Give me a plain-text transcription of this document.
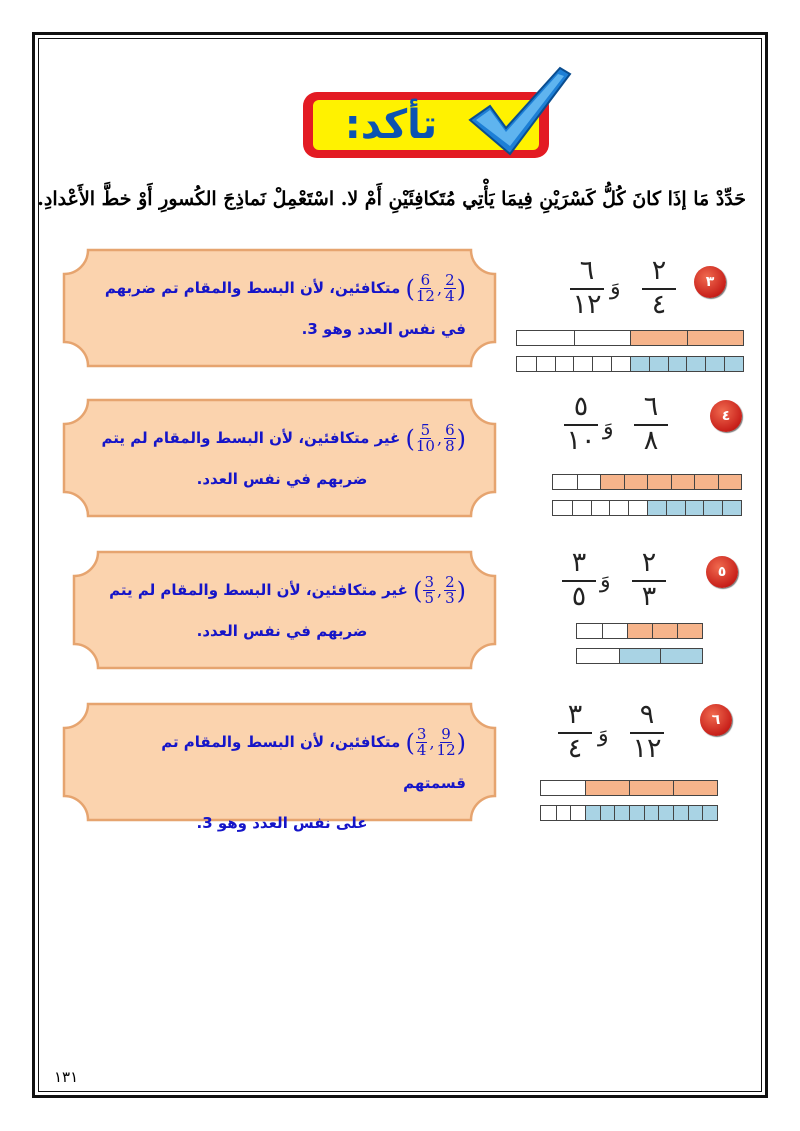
تأكد:
حَدِّدْ مَا إذَا كانَ كُلُّ كَسْرَيْنِ فِيمَا يَأْتِي مُتَكافِئَيْنِ أَمْ لا. اسْتَعْمِلْ نَماذِجَ الكُسورِ أَوْ خطَّ الأَعْدادِ.
( 6
12 , 2
4 )
متكافئين، لأن البسط والمقام تم ضربهم
في نفس العدد وهو 3.
( 5
10 , 6
8 )
غير متكافئين، لأن البسط والمقام لم يتم
ضربهم في نفس العدد.
( 3
5 , 2
3 )
غير متكافئين، لأن البسط والمقام لم يتم
ضربهم في نفس العدد.
( 3
4 , 9
12 )
متكافئين، لأن البسط والمقام تم قسمتهم
على نفس العدد وهو 3.
٣
٢
٤
وَ
٦
١٢
٤
٦
٨
وَ
٥
١٠
٥
٢
٣
وَ
٣
٥
٦
٩
١٢
وَ
٣
٤
١٣١
